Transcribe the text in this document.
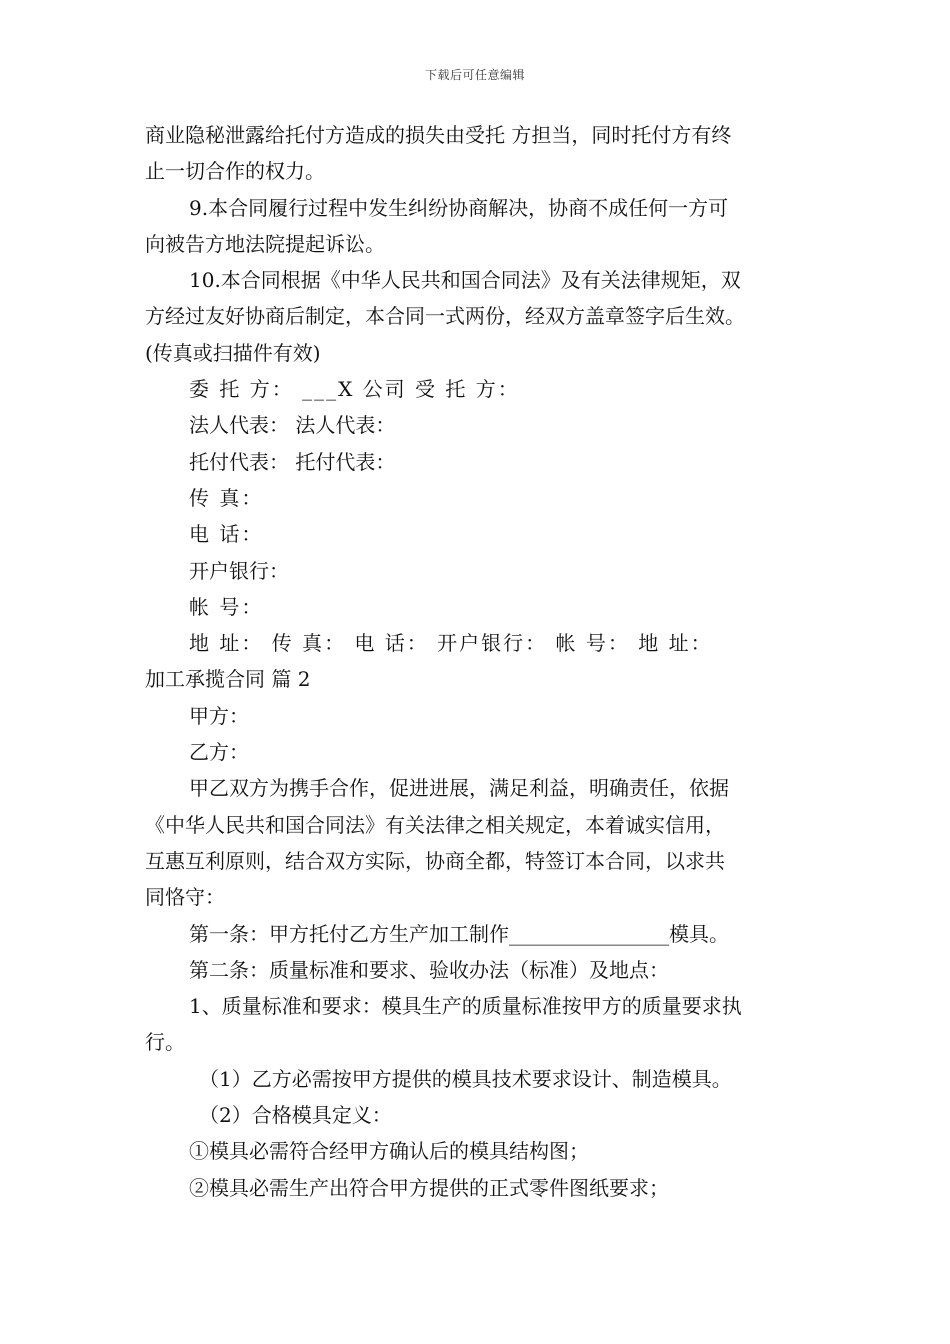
下载后可任意编辑
商业隐秘泄露给托付方造成的损失由受托 方担当，同时托付方有终
止一切合作的权力。
9.本合同履行过程中发生纠纷协商解决，协商不成任何一方可
向被告方地法院提起诉讼。
10.本合同根据《中华人民共和国合同法》及有关法律规矩，双
方经过友好协商后制定，本合同一式两份，经双方盖章签字后生效。
(传真或扫描件有效)
委 托 方： ___X 公司 受 托 方：
法人代表： 法人代表：
托付代表： 托付代表：
传 真：
电 话：
开户银行：
帐 号：
地 址： 传 真： 电 话： 开户银行： 帐 号： 地 址：
加工承揽合同 篇 2
甲方：
乙方：
甲乙双方为携手合作，促进进展，满足利益，明确责任，依据
《中华人民共和国合同法》有关法律之相关规定，本着诚实信用，
互惠互利原则，结合双方实际，协商全都，特签订本合同，以求共
同恪守：
第一条：甲方托付乙方生产加工制作________________模具。
第二条：质量标准和要求、验收办法（标准）及地点：
1、质量标准和要求：模具生产的质量标准按甲方的质量要求执
行。
（1）乙方必需按甲方提供的模具技术要求设计、制造模具。
（2）合格模具定义：
①模具必需符合经甲方确认后的模具结构图；
②模具必需生产出符合甲方提供的正式零件图纸要求；
